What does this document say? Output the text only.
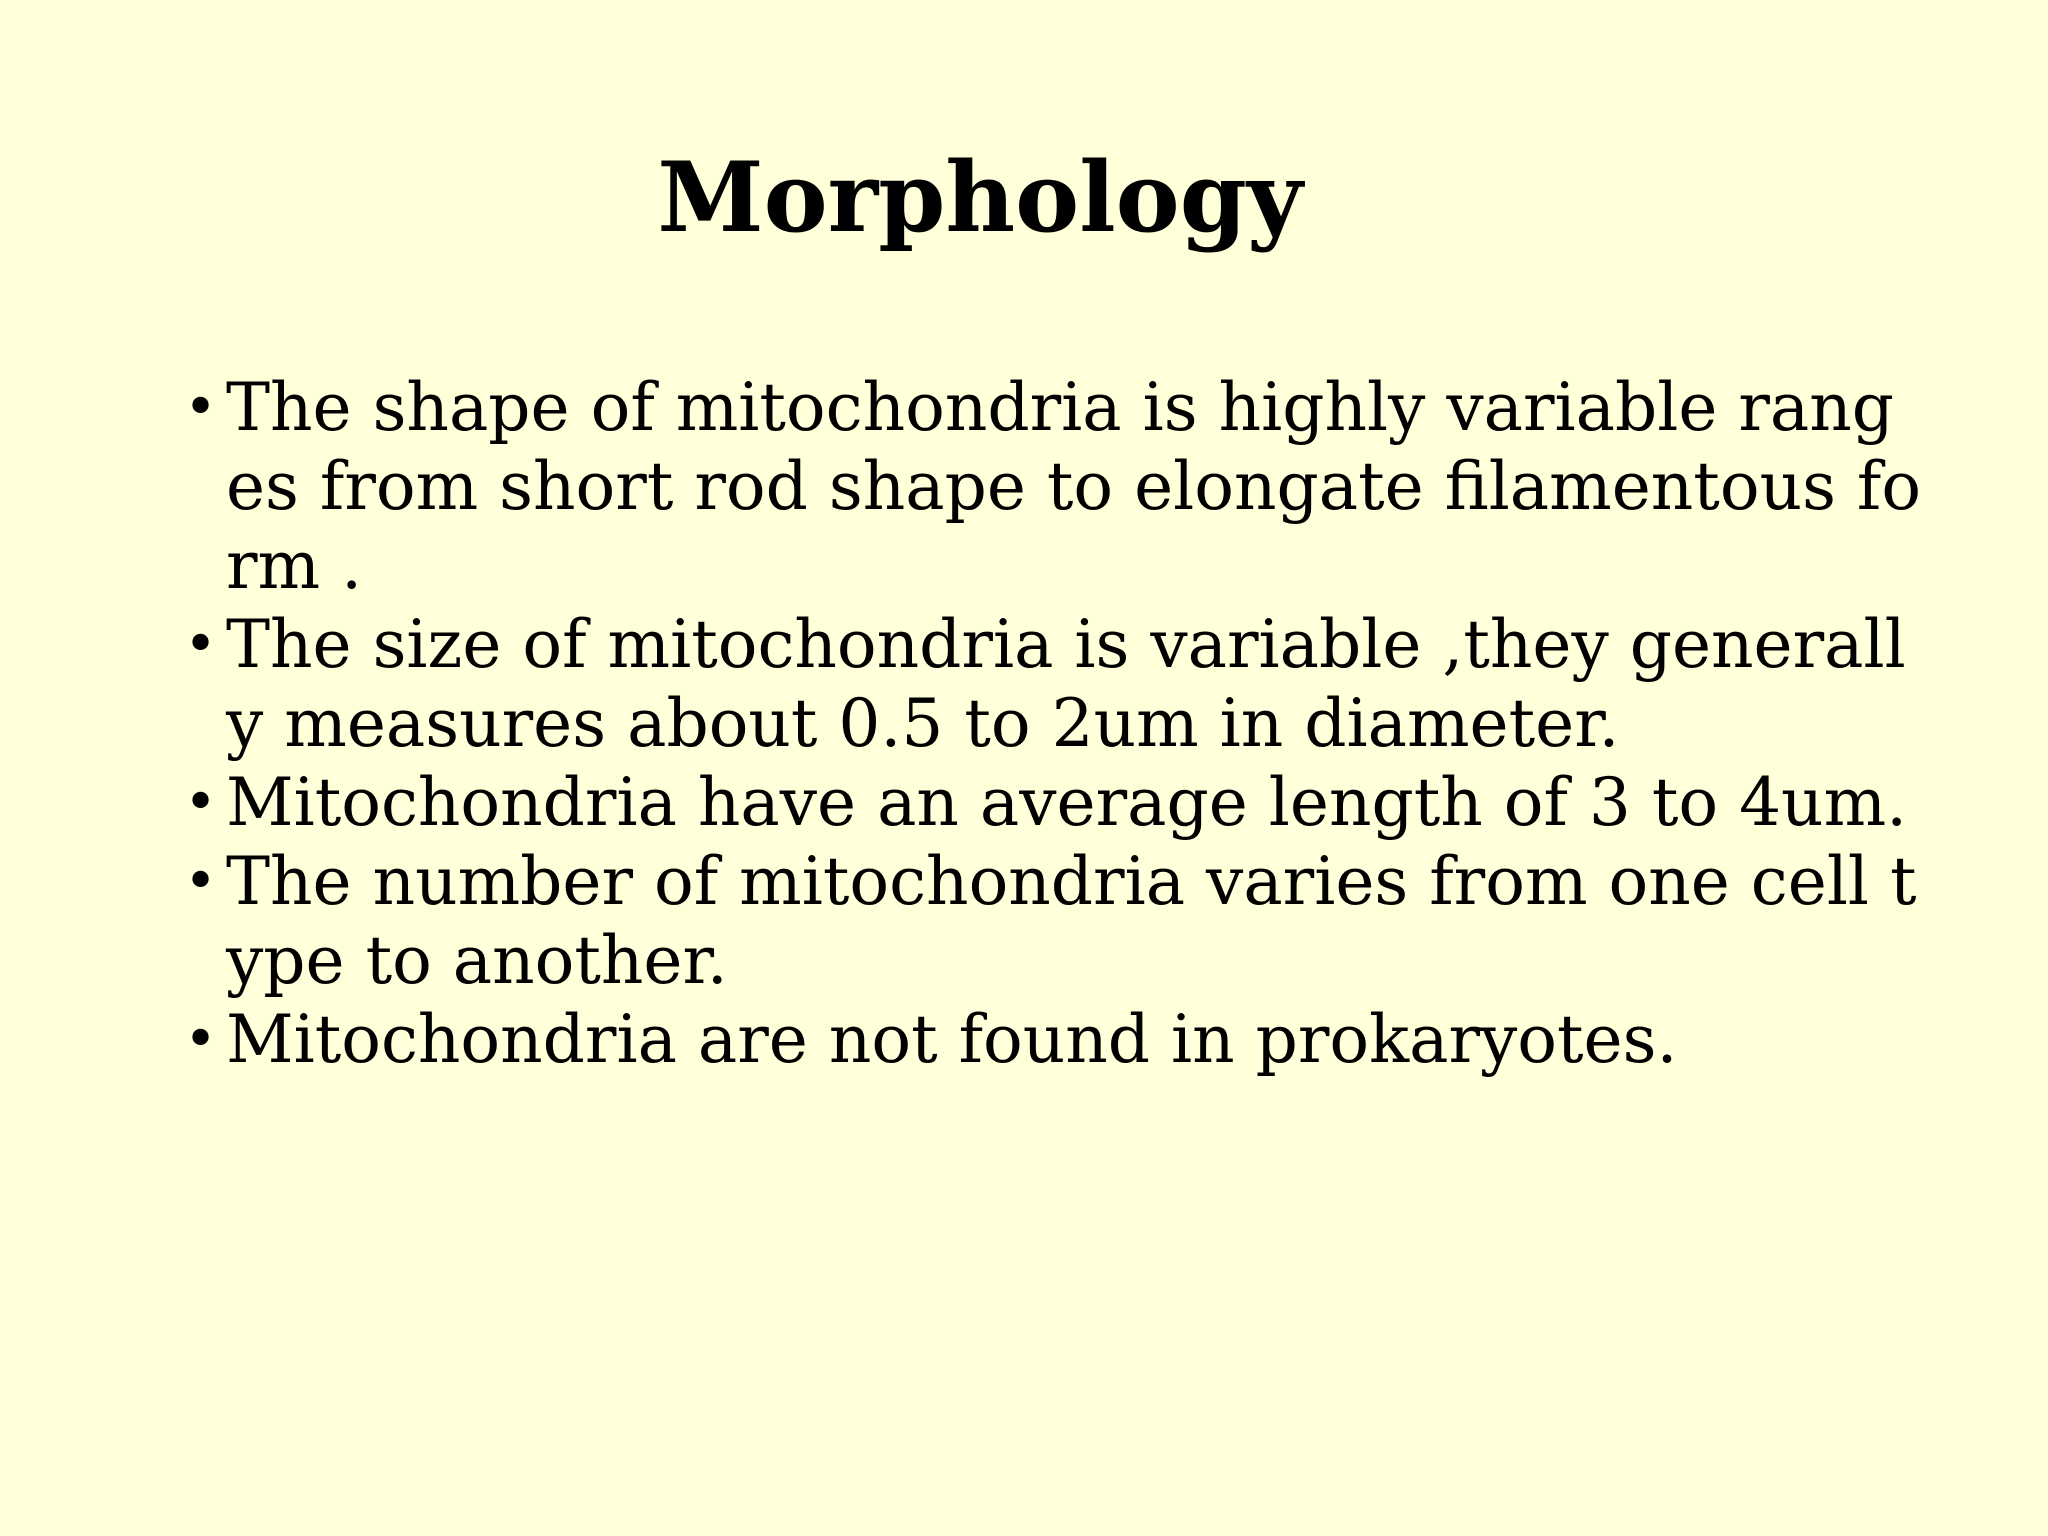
Morphology
• The shape of mitochondria is highly variable rang
es from short rod shape to elongate filamentous fo
rm .
• The size of mitochondria is variable ,they generall
y measures about 0.5 to 2um in diameter.
• Mitochondria have an average length of 3 to 4um.
• The number of mitochondria varies from one cell t
ype to another.
• Mitochondria are not found in prokaryotes.
